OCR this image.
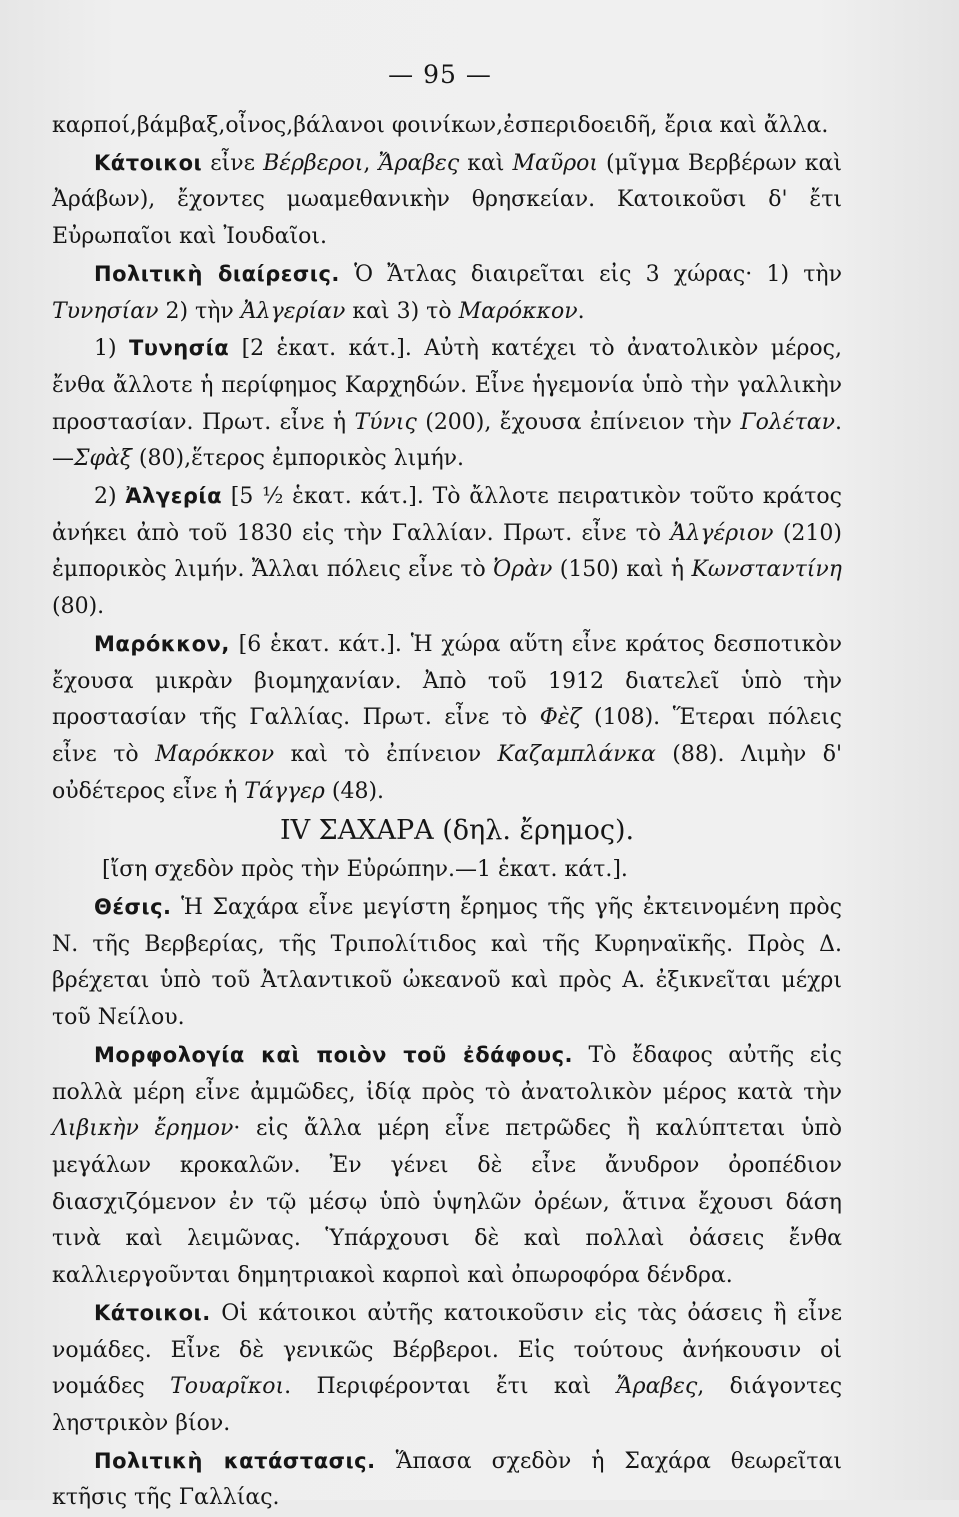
— 95 —

καρποί,βάμβαξ,οἶνος,βάλανοι φοινίκων,ἐσπεριδοειδῆ, ἔρια καὶ ἄλλα.

Κάτοικοι εἶνε Βέρβεροι, Ἄραβες καὶ Μαῦροι (μῖγμα Βερβέρων καὶ Ἀράβων), ἔχοντες μωαμεθανικὴν θρησκείαν. Κατοικοῦσι δ' ἔτι Εὐρωπαῖοι καὶ Ἰουδαῖοι.

Πολιτικὴ διαίρεσις. Ὁ Ἄτλας διαιρεῖται εἰς 3 χώρας· 1) τὴν Τυνησίαν 2) τὴν Ἀλγερίαν καὶ 3) τὸ Μαρόκκον.

1) Τυνησία [2 ἑκατ. κάτ.]. Αὐτὴ κατέχει τὸ ἀνατολικὸν μέρος, ἔνθα ἄλλοτε ἡ περίφημος Καρχηδών. Εἶνε ἡγεμονία ὑπὸ τὴν γαλλικὴν προστασίαν. Πρωτ. εἶνε ἡ Τύνις (200), ἔχουσα ἐπίνειον τὴν Γολέταν.—Σφὰξ (80),ἕτερος ἐμπορικὸς λιμήν.

2) Ἀλγερία [5 ½ ἑκατ. κάτ.]. Τὸ ἄλλοτε πειρατικὸν τοῦτο κράτος ἀνήκει ἀπὸ τοῦ 1830 εἰς τὴν Γαλλίαν. Πρωτ. εἶνε τὸ Ἀλγέριον (210) ἐμπορικὸς λιμήν. Ἄλλαι πόλεις εἶνε τὸ Ὀρὰν (150) καὶ ἡ Κωνσταντίνη (80).

Μαρόκκον, [6 ἑκατ. κάτ.]. Ἡ χώρα αὕτη εἶνε κράτος δεσποτικὸν ἔχουσα μικρὰν βιομηχανίαν. Ἀπὸ τοῦ 1912 διατελεῖ ὑπὸ τὴν προστασίαν τῆς Γαλλίας. Πρωτ. εἶνε τὸ Φὲζ (108). Ἕτεραι πόλεις εἶνε τὸ Μαρόκκον καὶ τὸ ἐπίνειον Καζαμπλάνκα (88). Λιμὴν δ' οὐδέτερος εἶνε ἡ Τάγγερ (48).

IV ΣΑΧΑΡΑ (δηλ. ἔρημος).

[ἴση σχεδὸν πρὸς τὴν Εὐρώπην.—1 ἑκατ. κάτ.].

Θέσις. Ἡ Σαχάρα εἶνε μεγίστη ἔρημος τῆς γῆς ἐκτεινομένη πρὸς Ν. τῆς Βερβερίας, τῆς Τριπολίτιδος καὶ τῆς Κυρηναϊκῆς. Πρὸς Δ. βρέχεται ὑπὸ τοῦ Ἀτλαντικοῦ ὠκεανοῦ καὶ πρὸς Α. ἐξικνεῖται μέχρι τοῦ Νείλου.

Μορφολογία καὶ ποιὸν τοῦ ἐδάφους. Τὸ ἔδαφος αὐτῆς εἰς πολλὰ μέρη εἶνε ἀμμῶδες, ἰδίᾳ πρὸς τὸ ἀνατολικὸν μέρος κατὰ τὴν Λιβικὴν ἔρημον· εἰς ἄλλα μέρη εἶνε πετρῶδες ἢ καλύπτεται ὑπὸ μεγάλων κροκαλῶν. Ἐν γένει δὲ εἶνε ἄνυδρον ὀροπέδιον διασχιζόμενον ἐν τῷ μέσῳ ὑπὸ ὑψηλῶν ὀρέων, ἅτινα ἔχουσι δάση τινὰ καὶ λειμῶνας. Ὑπάρχουσι δὲ καὶ πολλαὶ ὀάσεις ἔνθα καλλιεργοῦνται δημητριακοὶ καρποὶ καὶ ὀπωροφόρα δένδρα.

Κάτοικοι. Οἱ κάτοικοι αὐτῆς κατοικοῦσιν εἰς τὰς ὀάσεις ἢ εἶνε νομάδες. Εἶνε δὲ γενικῶς Βέρβεροι. Εἰς τούτους ἀνήκουσιν οἱ νομάδες Τουαρῖκοι. Περιφέρονται ἔτι καὶ Ἄραβες, διάγοντες ληστρικὸν βίον.

Πολιτικὴ κατάστασις. Ἅπασα σχεδὸν ἡ Σαχάρα θεωρεῖται κτῆσις τῆς Γαλλίας.
